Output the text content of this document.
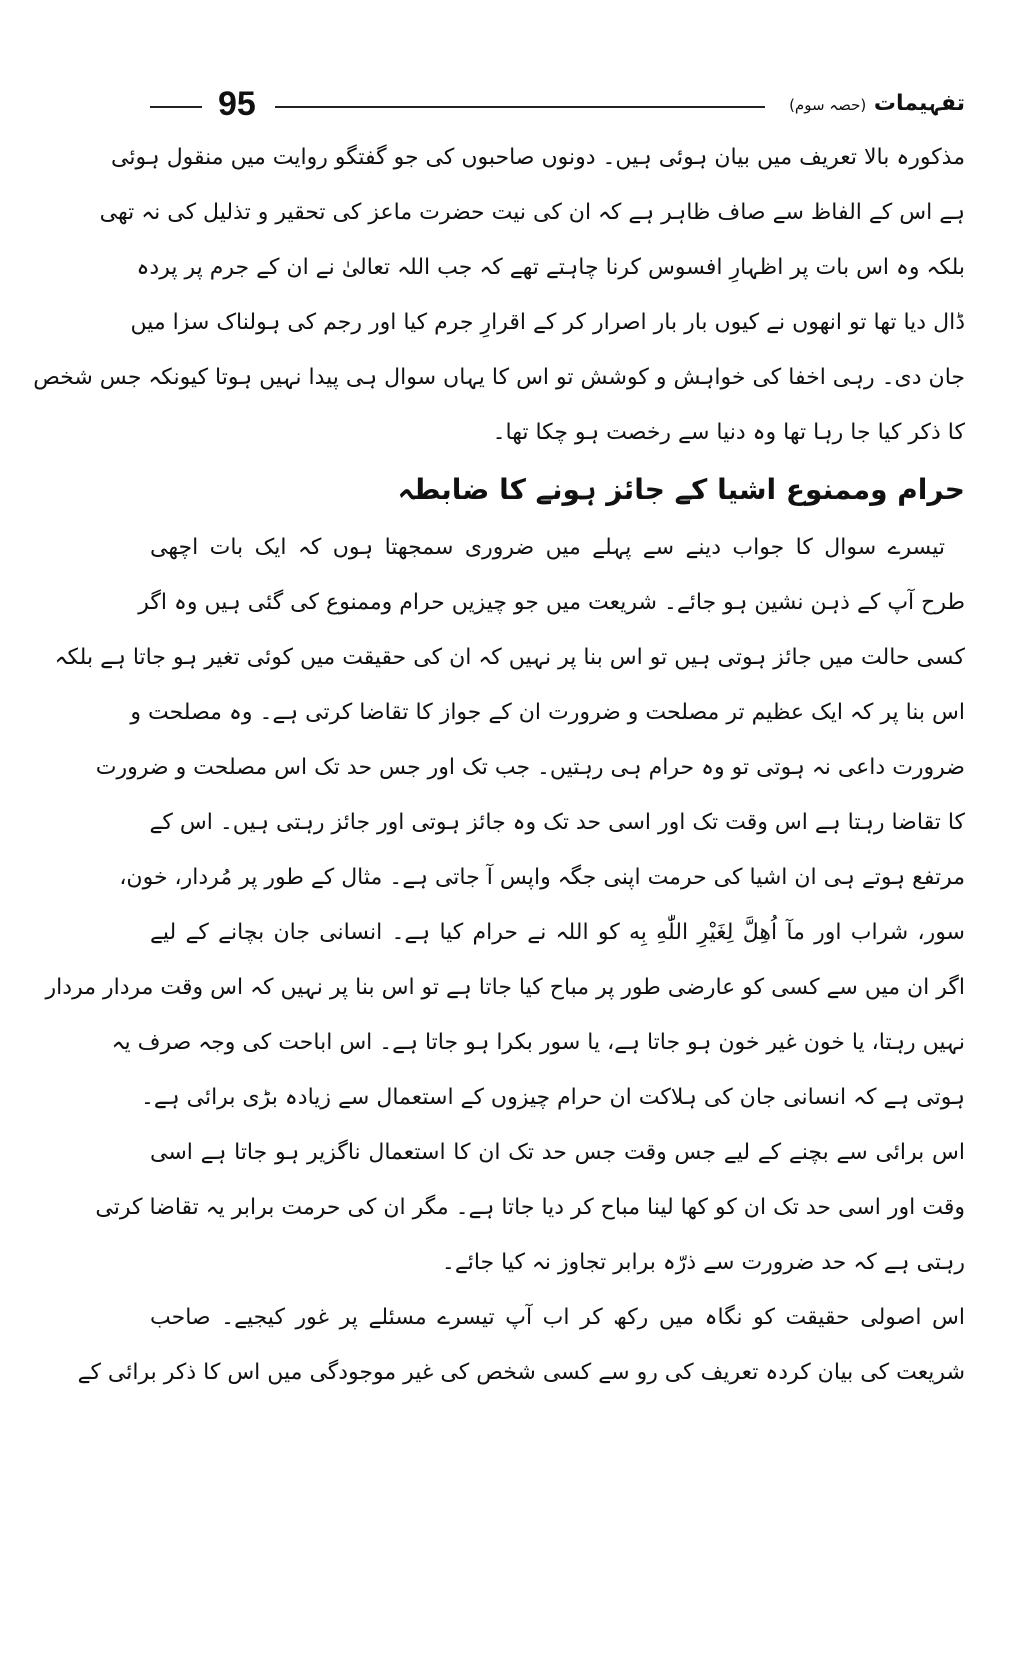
95	تفہیمات (حصہ سوم)
مذکورہ بالا تعریف میں بیان ہوئی ہیں۔ دونوں صاحبوں کی جو گفتگو روایت میں منقول ہوئی
ہے اس کے الفاظ سے صاف ظاہر ہے کہ ان کی نیت حضرت ماعز کی تحقیر و تذلیل کی نہ تھی
بلکہ وہ اس بات پر اظہارِ افسوس کرنا چاہتے تھے کہ جب اللہ تعالیٰ نے ان کے جرم پر پردہ
ڈال دیا تھا تو انھوں نے کیوں بار بار اصرار کر کے اقرارِ جرم کیا اور رجم کی ہولناک سزا میں
جان دی۔ رہی اخفا کی خواہش و کوشش تو اس کا یہاں سوال ہی پیدا نہیں ہوتا کیونکہ جس شخص
کا ذکر کیا جا رہا تھا وہ دنیا سے رخصت ہو چکا تھا۔
حرام وممنوع اشیا کے جائز ہونے کا ضابطہ
تیسرے سوال کا جواب دینے سے پہلے میں ضروری سمجھتا ہوں کہ ایک بات اچھی
طرح آپ کے ذہن نشین ہو جائے۔ شریعت میں جو چیزیں حرام وممنوع کی گئی ہیں وہ اگر
کسی حالت میں جائز ہوتی ہیں تو اس بنا پر نہیں کہ ان کی حقیقت میں کوئی تغیر ہو جاتا ہے بلکہ
اس بنا پر کہ ایک عظیم تر مصلحت و ضرورت ان کے جواز کا تقاضا کرتی ہے۔ وہ مصلحت و
ضرورت داعی نہ ہوتی تو وہ حرام ہی رہتیں۔ جب تک اور جس حد تک اس مصلحت و ضرورت
کا تقاضا رہتا ہے اس وقت تک اور اسی حد تک وہ جائز ہوتی اور جائز رہتی ہیں۔ اس کے
مرتفع ہوتے ہی ان اشیا کی حرمت اپنی جگہ واپس آ جاتی ہے۔ مثال کے طور پر مُردار، خون،
سور، شراب اور مآ اُهِلَّ لِغَیْرِ اللّٰهِ بِه کو اللہ نے حرام کیا ہے۔ انسانی جان بچانے کے لیے
اگر ان میں سے کسی کو عارضی طور پر مباح کیا جاتا ہے تو اس بنا پر نہیں کہ اس وقت مردار مردار
نہیں رہتا، یا خون غیر خون ہو جاتا ہے، یا سور بکرا ہو جاتا ہے۔ اس اباحت کی وجہ صرف یہ
ہوتی ہے کہ انسانی جان کی ہلاکت ان حرام چیزوں کے استعمال سے زیادہ بڑی برائی ہے۔
اس برائی سے بچنے کے لیے جس وقت جس حد تک ان کا استعمال ناگزیر ہو جاتا ہے اسی
وقت اور اسی حد تک ان کو کھا لینا مباح کر دیا جاتا ہے۔ مگر ان کی حرمت برابر یہ تقاضا کرتی
رہتی ہے کہ حد ضرورت سے ذرّہ برابر تجاوز نہ کیا جائے۔
اس اصولی حقیقت کو نگاہ میں رکھ کر اب آپ تیسرے مسئلے پر غور کیجیے۔ صاحب
شریعت کی بیان کردہ تعریف کی رو سے کسی شخص کی غیر موجودگی میں اس کا ذکر برائی کے
